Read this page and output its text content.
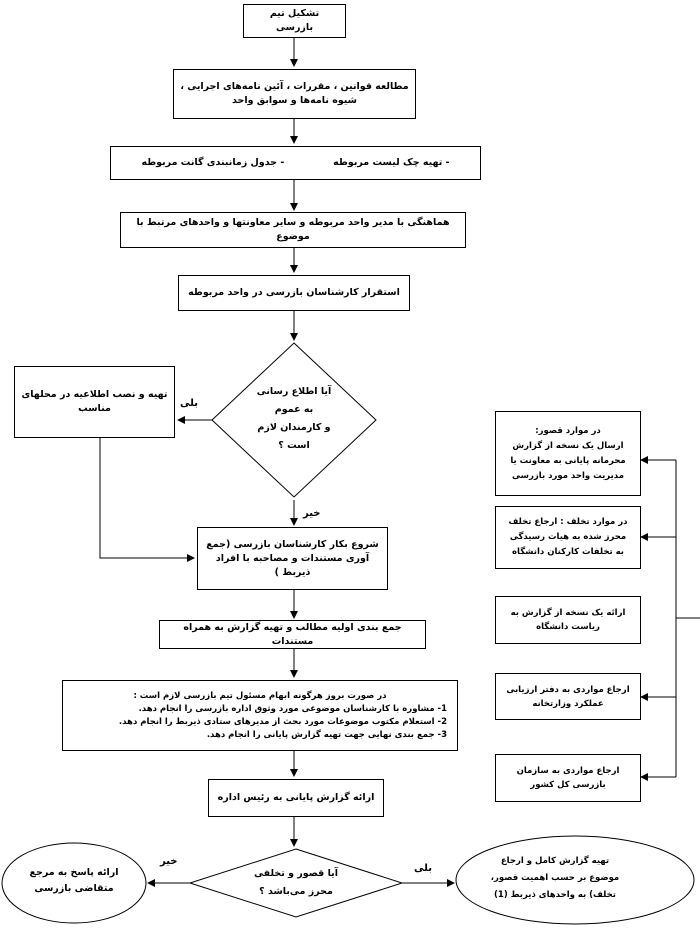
تشکیل تیم بازرسی
مطالعه قوانین ، مقررات ، آئین نامه‌های اجرایی ،
شیوه نامه‌ها و سوابق واحد
- تهیه چک لیست مربوطه
- جدول زمانبندی گانت مربوطه
هماهنگی با مدیر واحد مربوطه و سایر معاونتها و واحدهای مرتبط با موضوع
استقرار کارشناسان بازرسی در واحد مربوطه
آیا اطلاع رسانی
به عموم
و کارمندان لازم
است ؟
بلی
خیر
تهیه و نصب اطلاعیه در محلهای
مناسب
شروع بکار کارشناسان بازرسی (جمع
آوری مستندات و مصاحبه با افراد ذیربط )
جمع بندی اولیه مطالب و تهیه گزارش به همراه مستندات
در صورت بروز هرگونه ابهام مسئول تیم بازرسی لازم است :
1- مشاوره با کارشناسان موضوعی مورد وثوق اداره بازرسی را انجام دهد.
2- استعلام مکتوب موضوعات مورد بحث از مدیرهای ستادی ذیربط را انجام دهد.
3- جمع بندی نهایی جهت تهیه گزارش پایانی را انجام دهد.
ارائه گزارش پایانی به رئیس اداره
آیا قصور و تخلفی
محرز می‌باشد ؟
خیر
بلی
ارائه پاسخ به مرجع
متقاضی بازرسی
تهیه گزارش کامل و ارجاع
موضوع بر حسب اهمیت قصور،
تخلف) به واحدهای ذیربط (1)
در موارد قصور:
ارسال یک نسخه از گزارش
محرمانه پایانی به معاونت یا
مدیریت واحد مورد بازرسی
در موارد تخلف : ارجاع تخلف
محرز شده به هیات رسیدگی
به تخلفات کارکنان دانشگاه
ارائه یک نسخه از گزارش به
ریاست دانشگاه
ارجاع مواردی به دفتر ارزیابی
عملکرد وزارتخانه
ارجاع مواردی به سازمان
بازرسی کل کشور
